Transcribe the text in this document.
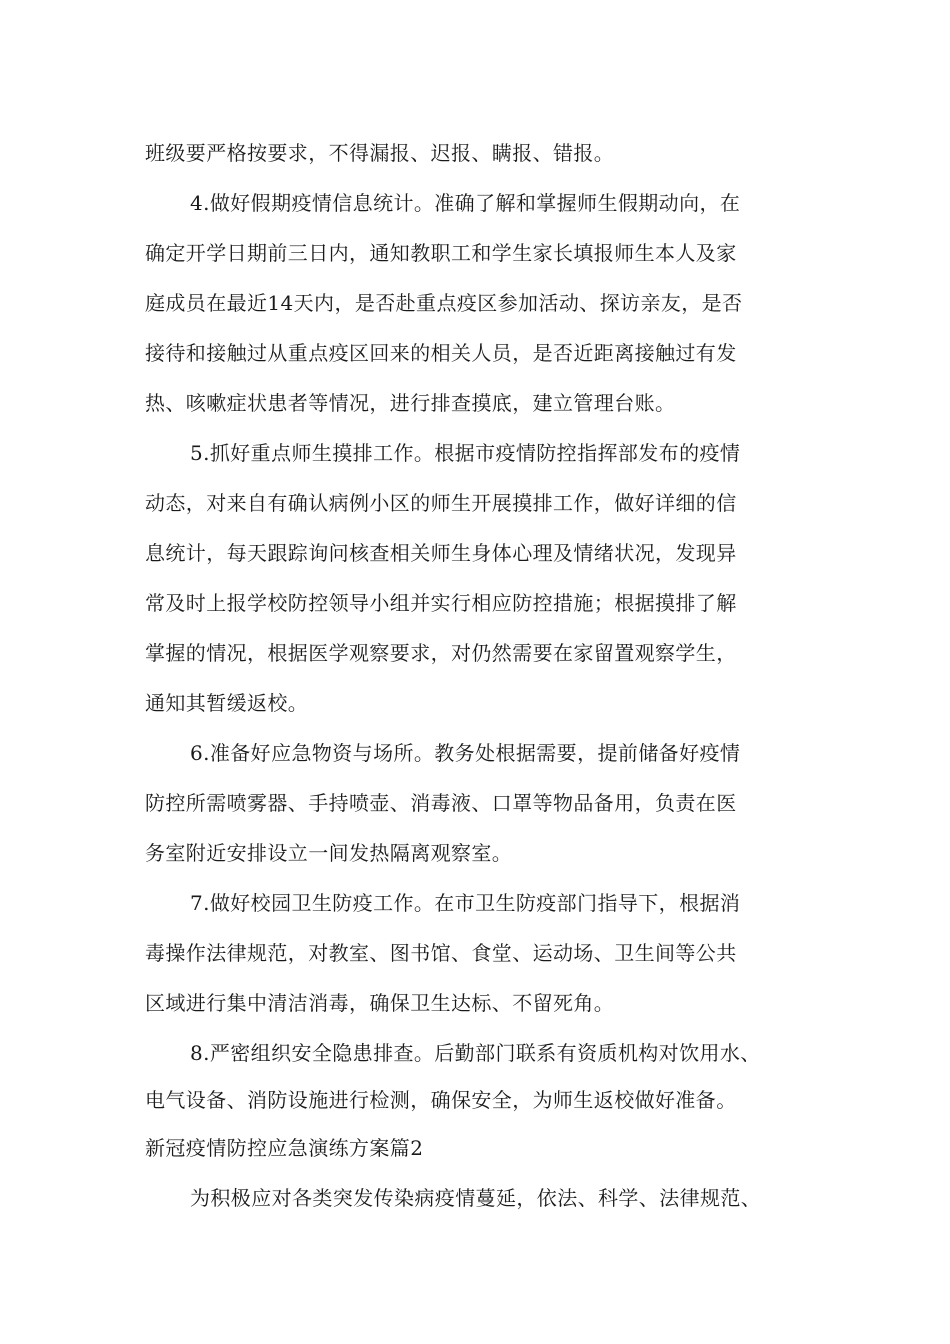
班级要严格按要求，不得漏报、迟报、瞒报、错报。
4.做好假期疫情信息统计。准确了解和掌握师生假期动向，在
确定开学日期前三日内，通知教职工和学生家长填报师生本人及家
庭成员在最近14天内，是否赴重点疫区参加活动、探访亲友，是否
接待和接触过从重点疫区回来的相关人员，是否近距离接触过有发
热、咳嗽症状患者等情况，进行排查摸底，建立管理台账。
5.抓好重点师生摸排工作。根据市疫情防控指挥部发布的疫情
动态，对来自有确认病例小区的师生开展摸排工作，做好详细的信
息统计，每天跟踪询问核查相关师生身体心理及情绪状况，发现异
常及时上报学校防控领导小组并实行相应防控措施；根据摸排了解
掌握的情况，根据医学观察要求，对仍然需要在家留置观察学生，
通知其暂缓返校。
6.准备好应急物资与场所。教务处根据需要，提前储备好疫情
防控所需喷雾器、手持喷壶、消毒液、口罩等物品备用，负责在医
务室附近安排设立一间发热隔离观察室。
7.做好校园卫生防疫工作。在市卫生防疫部门指导下，根据消
毒操作法律规范，对教室、图书馆、食堂、运动场、卫生间等公共
区域进行集中清洁消毒，确保卫生达标、不留死角。
8.严密组织安全隐患排查。后勤部门联系有资质机构对饮用水、
电气设备、消防设施进行检测，确保安全，为师生返校做好准备。
新冠疫情防控应急演练方案篇2
为积极应对各类突发传染病疫情蔓延，依法、科学、法律规范、
